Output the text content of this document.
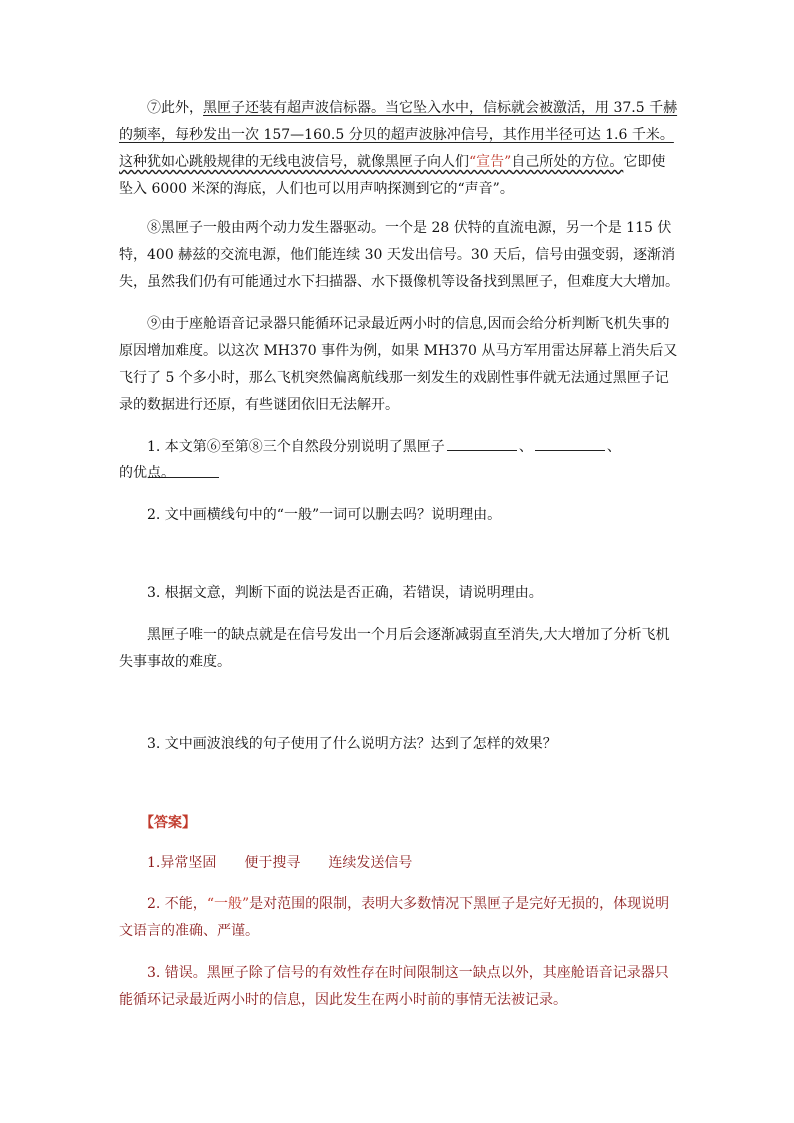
⑦此外，黑匣子还装有超声波信标器。当它坠入水中，信标就会被激活，用 37.5 千赫的频率，每秒发出一次 157—160.5 分贝的超声波脉冲信号，其作用半径可达 1.6 千米。这种犹如心跳般规律的无线电波信号，就像黑匣子向人们“宣告”自己所处的方位。它即使坠入 6000 米深的海底，人们也可以用声呐探测到它的“声音”。

⑧黑匣子一般由两个动力发生器驱动。一个是 28 伏特的直流电源，另一个是 115 伏特，400 赫兹的交流电源，他们能连续 30 天发出信号。30 天后，信号由强变弱，逐渐消失，虽然我们仍有可能通过水下扫描器、水下摄像机等设备找到黑匣子，但难度大大增加。

⑨由于座舱语音记录器只能循环记录最近两小时的信息,因而会给分析判断飞机失事的原因增加难度。以这次 MH370 事件为例，如果 MH370 从马方军用雷达屏幕上消失后又飞行了 5 个多小时，那么飞机突然偏离航线那一刻发生的戏剧性事件就无法通过黑匣子记录的数据进行还原，有些谜团依旧无法解开。

1. 本文第⑥至第⑧三个自然段分别说明了黑匣子	、	、

的优点。

2. 文中画横线句中的“一般”一词可以删去吗？说明理由。

3. 根据文意，判断下面的说法是否正确，若错误，请说明理由。

黑匣子唯一的缺点就是在信号发出一个月后会逐渐减弱直至消失,大大增加了分析飞机失事事故的难度。

3. 文中画波浪线的句子使用了什么说明方法？达到了怎样的效果？

【答案】

1.异常坚固 便于搜寻 连续发送信号

2. 不能，“一般”是对范围的限制，表明大多数情况下黑匣子是完好无损的，体现说明文语言的准确、严谨。

3. 错误。黑匣子除了信号的有效性存在时间限制这一缺点以外，其座舱语音记录器只能循环记录最近两小时的信息，因此发生在两小时前的事情无法被记录。
